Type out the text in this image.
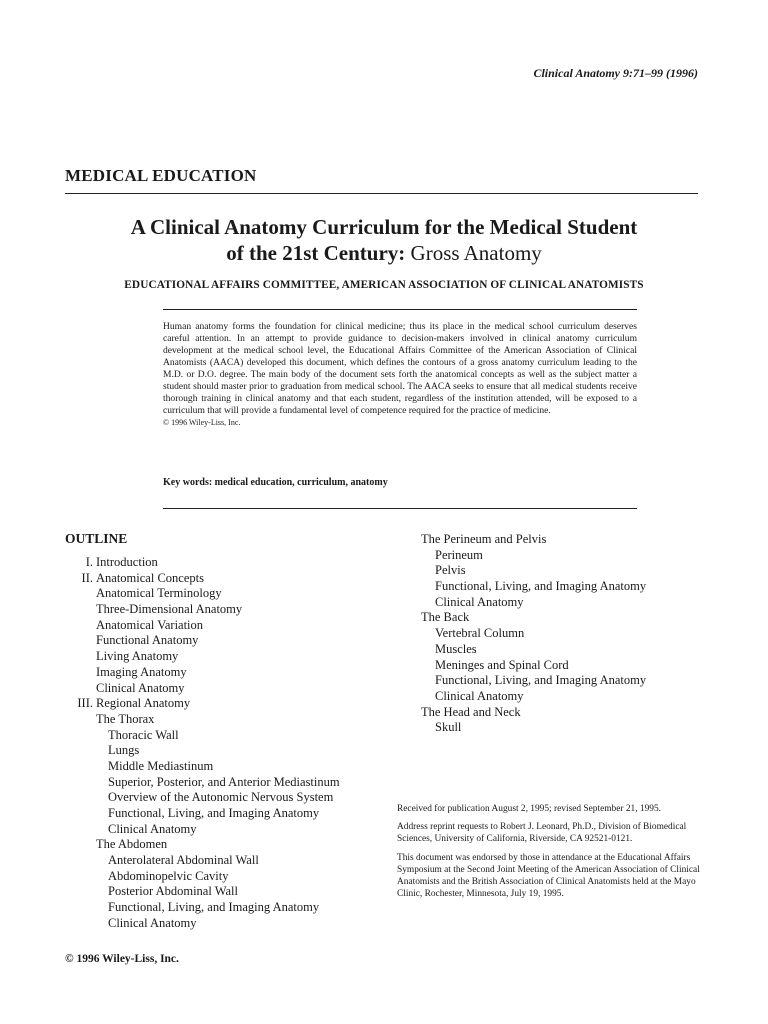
Clinical Anatomy 9:71–99 (1996)
MEDICAL EDUCATION
A Clinical Anatomy Curriculum for the Medical Student
of the 21st Century: Gross Anatomy
EDUCATIONAL AFFAIRS COMMITTEE, AMERICAN ASSOCIATION OF CLINICAL ANATOMISTS

Human anatomy forms the foundation for clinical medicine; thus its place in the medical school curriculum deserves careful attention. In an attempt to provide guidance to decision-makers involved in clinical anatomy curriculum development at the medical school level, the Educational Affairs Committee of the American Association of Clinical Anatomists (AACA) developed this document, which defines the contours of a gross anatomy curriculum leading to the M.D. or D.O. degree. The main body of the document sets forth the anatomical concepts as well as the subject matter a student should master prior to graduation from medical school. The AACA seeks to ensure that all medical students receive thorough training in clinical anatomy and that each student, regardless of the institution attended, will be exposed to a curriculum that will provide a fundamental level of competence required for the practice of medicine.

© 1996 Wiley-Liss, Inc.

Key words: medical education, curriculum, anatomy
OUTLINE
I. Introduction
II. Anatomical Concepts
Anatomical Terminology
Three-Dimensional Anatomy
Anatomical Variation
Functional Anatomy
Living Anatomy
Imaging Anatomy
Clinical Anatomy
III. Regional Anatomy
The Thorax
Thoracic Wall
Lungs
Middle Mediastinum
Superior, Posterior, and Anterior Mediastinum
Overview of the Autonomic Nervous System
Functional, Living, and Imaging Anatomy
Clinical Anatomy
The Abdomen
Anterolateral Abdominal Wall
Abdominopelvic Cavity
Posterior Abdominal Wall
Functional, Living, and Imaging Anatomy
Clinical Anatomy
The Perineum and Pelvis
Perineum
Pelvis
Functional, Living, and Imaging Anatomy
Clinical Anatomy
The Back
Vertebral Column
Muscles
Meninges and Spinal Cord
Functional, Living, and Imaging Anatomy
Clinical Anatomy
The Head and Neck
Skull

Received for publication August 2, 1995; revised September 21, 1995.

Address reprint requests to Robert J. Leonard, Ph.D., Division of Biomedical Sciences, University of California, Riverside, CA 92521-0121.

This document was endorsed by those in attendance at the Educational Affairs Symposium at the Second Joint Meeting of the American Association of Clinical Anatomists and the British Association of Clinical Anatomists held at the Mayo Clinic, Rochester, Minnesota, July 19, 1995.

© 1996 Wiley-Liss, Inc.
